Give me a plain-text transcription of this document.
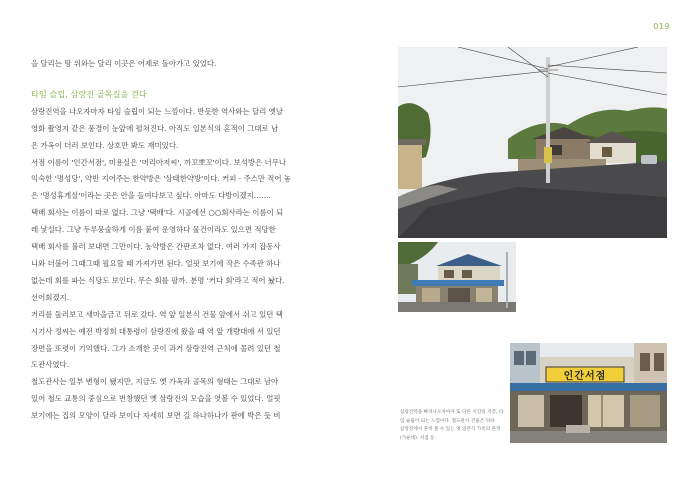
019

을 달리는 땅 위와는 달리 이곳은 어제로 돌아가고 있었다.

타임 슬립, 삼랑진 골목길을 걷다

삼랑진역을 나오자마자 타임 슬립이 되는 느낌이다. 반듯한 역사와는 달리 옛날

영화 촬영지 같은 풍경이 눈앞에 펼쳐진다. 아직도 일본식의 흔적이 그대로 남

은 가옥이 더러 보인다. 상호만 봐도 재미있다.

서점 이름이 '인간서점', 미용실은 '머리아저씨', 까꼬뽀꼬'이다. 보석방은 너무나

익숙한 '명성당', 약반 지어주는 한약방은 '삼태한약방'이다. 커피 · 주스만 적어 놓

은 '명성휴게실'이라는 곳은 안을 들여다보고 싶다. 아마도 다방이겠지…….

택배 회사는 이름이 따로 없다. 그냥 '택배'다. 시골에선 ○○회사라는 이름이 되

레 낯설다. 그냥 두루뭉술하게 이름 붙여 운영하다 물건이라도 있으면 적당한

택배 회사를 불러 보내면 그만이다. 농약방은 간판조차 없다. 여러 가지 잡동사

니와 더불어 그때그때 필요할 때 가져가면 된다. 얼핏 보기에 작은 수족관 하나

없는데 회를 파는 식당도 보인다. 무슨 회를 팔까. 분명 '커다 회'라고 적어 놨다.

선어회겠지.

거리를 둘러보고 새마을금고 뒤로 갔다. 역 앞 일본식 건물 앞에서 쉬고 있던 택

시기사 정씨는 예전 박정희 대통령이 삼랑진에 왔을 때 역 앞 개량대에 서 있던

장면을 또렷이 기억했다. 그가 소개한 곳이 과거 삼랑진역 근처에 몰려 있던 철

도관사였다.

철도관사는 일부 변형이 됐지만, 지금도 옛 가옥과 골목의 형태는 그대로 남아

있어 철도 교통의 중심으로 번창했던 옛 삼랑진의 모습을 엿볼 수 있었다. 얼핏

보기에는 집의 모양이 달라 보이나 자세히 보면 길 하나하나가 판에 박은 듯 비

인간서점

삼랑진역을 빠져나오자마자 또 다른 시간의 지층, 타

임 슬립이 되는 느낌이다. 철도관사 건물은 뒤따

삼랑진에서 흔히 볼 수 있는 옛 일본식 가옥의 흔적

(가운데). 서점 등.
